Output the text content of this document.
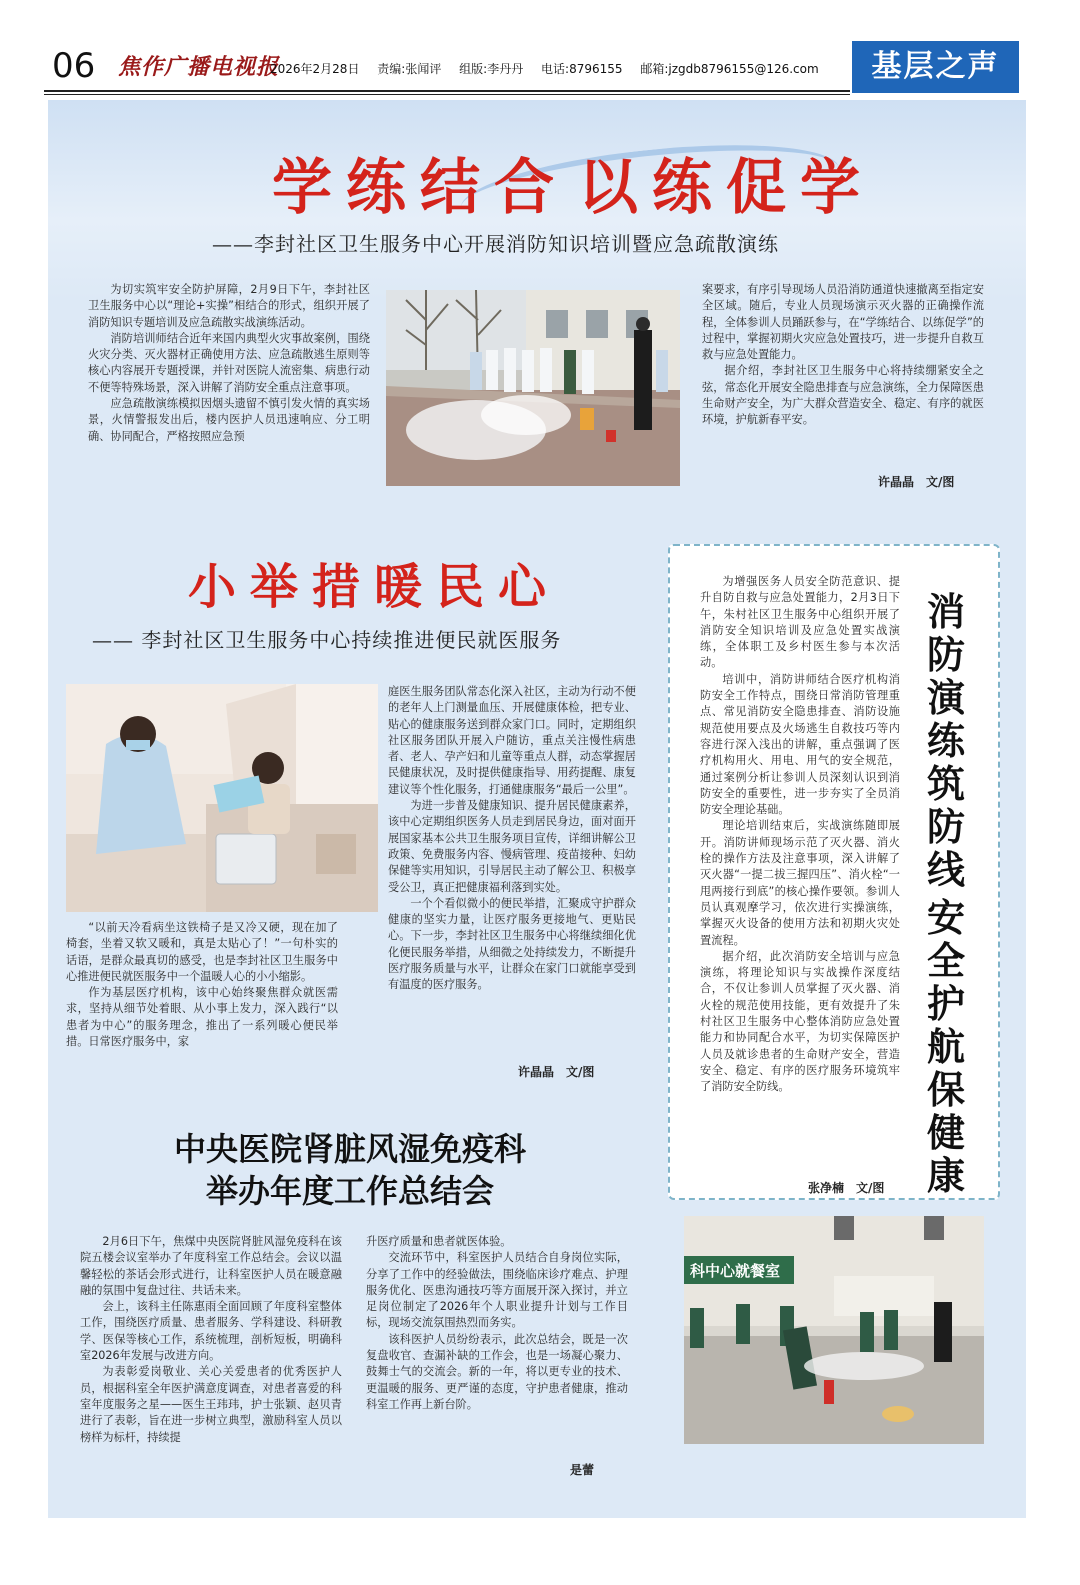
06 焦作广播电视报
2026年2月28日 责编:张闻评 组版:李丹丹 电话:8796155 邮箱:jzgdb8796155@126.com	基层之声
学练结合 以练促学
——李封社区卫生服务中心开展消防知识培训暨应急疏散演练

为切实筑牢安全防护屏障，2月9日下午，李封社区卫生服务中心以“理论+实操”相结合的形式，组织开展了消防知识专题培训及应急疏散实战演练活动。

消防培训师结合近年来国内典型火灾事故案例，围绕火灾分类、灭火器材正确使用方法、应急疏散逃生原则等核心内容展开专题授课，并针对医院人流密集、病患行动不便等特殊场景，深入讲解了消防安全重点注意事项。

应急疏散演练模拟因烟头遗留不慎引发火情的真实场景，火情警报发出后，楼内医护人员迅速响应、分工明确、协同配合，严格按照应急预

案要求，有序引导现场人员沿消防通道快速撤离至指定安全区域。随后，专业人员现场演示灭火器的正确操作流程，全体参训人员踊跃参与，在“学练结合、以练促学”的过程中，掌握初期火灾应急处置技巧，进一步提升自救互救与应急处置能力。

据介绍，李封社区卫生服务中心将持续绷紧安全之弦，常态化开展安全隐患排查与应急演练，全力保障医患生命财产安全，为广大群众营造安全、稳定、有序的就医环境，护航新春平安。

许晶晶　文/图
小举措暖民心
—— 李封社区卫生服务中心持续推进便民就医服务

“以前天冷看病坐这铁椅子是又冷又硬，现在加了椅套，坐着又软又暖和，真是太贴心了！”一句朴实的话语，是群众最真切的感受，也是李封社区卫生服务中心推进便民就医服务中一个温暖人心的小小缩影。

作为基层医疗机构，该中心始终聚焦群众就医需求，坚持从细节处着眼、从小事上发力，深入践行“以患者为中心”的服务理念，推出了一系列暖心便民举措。日常医疗服务中，家

庭医生服务团队常态化深入社区，主动为行动不便的老年人上门测量血压、开展健康体检，把专业、贴心的健康服务送到群众家门口。同时，定期组织社区服务团队开展入户随访，重点关注慢性病患者、老人、孕产妇和儿童等重点人群，动态掌握居民健康状况，及时提供健康指导、用药提醒、康复建议等个性化服务，打通健康服务“最后一公里”。

为进一步普及健康知识、提升居民健康素养，该中心定期组织医务人员走到居民身边，面对面开展国家基本公共卫生服务项目宣传，详细讲解公卫政策、免费服务内容、慢病管理、疫苗接种、妇幼保健等实用知识，引导居民主动了解公卫、积极享受公卫，真正把健康福利落到实处。

一个个看似微小的便民举措，汇聚成守护群众健康的坚实力量，让医疗服务更接地气、更贴民心。下一步，李封社区卫生服务中心将继续细化优化便民服务举措，从细微之处持续发力，不断提升医疗服务质量与水平，让群众在家门口就能享受到有温度的医疗服务。

许晶晶　文/图

为增强医务人员安全防范意识、提升自防自救与应急处置能力，2月3日下午，朱村社区卫生服务中心组织开展了消防安全知识培训及应急处置实战演练，全体职工及乡村医生参与本次活动。

培训中，消防讲师结合医疗机构消防安全工作特点，围绕日常消防管理重点、常见消防安全隐患排查、消防设施规范使用要点及火场逃生自救技巧等内容进行深入浅出的讲解，重点强调了医疗机构用火、用电、用气的安全规范，通过案例分析让参训人员深刻认识到消防安全的重要性，进一步夯实了全员消防安全理论基础。

理论培训结束后，实战演练随即展开。消防讲师现场示范了灭火器、消火栓的操作方法及注意事项，深入讲解了灭火器“一提二拔三握四压”、消火栓“一甩两接行到底”的核心操作要领。参训人员认真观摩学习，依次进行实操演练，掌握灭火设备的使用方法和初期火灾处置流程。

据介绍，此次消防安全培训与应急演练，将理论知识与实战操作深度结合，不仅让参训人员掌握了灭火器、消火栓的规范使用技能，更有效提升了朱村社区卫生服务中心整体消防应急处置能力和协同配合水平，为切实保障医护人员及就诊患者的生命财产安全，营造安全、稳定、有序的医疗服务环境筑牢了消防安全防线。

消防演练筑防线
安全护航保健康
张净楠　文/图
科中心就餐室
中央医院肾脏风湿免疫科
举办年度工作总结会

2月6日下午，焦煤中央医院肾脏风湿免疫科在该院五楼会议室举办了年度科室工作总结会。会议以温馨轻松的茶话会形式进行，让科室医护人员在暖意融融的氛围中复盘过往、共话未来。

会上，该科主任陈惠雨全面回顾了年度科室整体工作，围绕医疗质量、患者服务、学科建设、科研教学、医保等核心工作，系统梳理，剖析短板，明确科室2026年发展与改进方向。

为表彰爱岗敬业、关心关爱患者的优秀医护人员，根据科室全年医护满意度调查，对患者喜爱的科室年度服务之星——医生王玮玮，护士张颖、赵贝青进行了表彰，旨在进一步树立典型，激励科室人员以榜样为标杆，持续提

升医疗质量和患者就医体验。

交流环节中，科室医护人员结合自身岗位实际，分享了工作中的经验做法，围绕临床诊疗难点、护理服务优化、医患沟通技巧等方面展开深入探讨，并立足岗位制定了2026年个人职业提升计划与工作目标，现场交流氛围热烈而务实。

该科医护人员纷纷表示，此次总结会，既是一次复盘收官、查漏补缺的工作会，也是一场凝心聚力、鼓舞士气的交流会。新的一年，将以更专业的技术、更温暖的服务、更严谨的态度，守护患者健康，推动科室工作再上新台阶。

是蕾
